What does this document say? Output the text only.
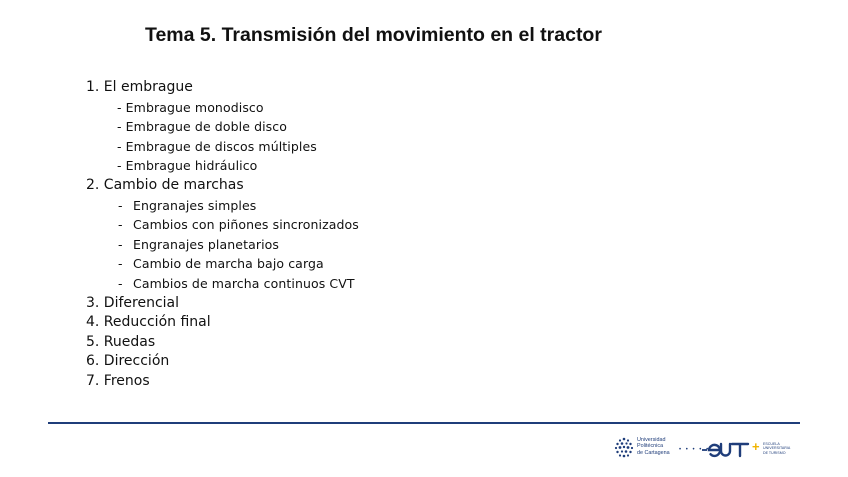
Tema 5. Transmisión del movimiento en el tractor
1. El embrague
- Embrague monodisco
- Embrague de doble disco
- Embrague de discos múltiples
- Embrague hidráulico
2. Cambio de marchas
- Engranajes simples
- Cambios con piñones sincronizados
- Engranajes planetarios
- Cambio de marcha bajo carga
- Cambios de marcha continuos CVT
3. Diferencial
4. Reducción final
5. Ruedas
6. Dirección
7. Frenos
Universidad
Politécnica
de Cartagena • • • • •	+ ESCUELA
UNIVERSITARIA
DE TURISMO
